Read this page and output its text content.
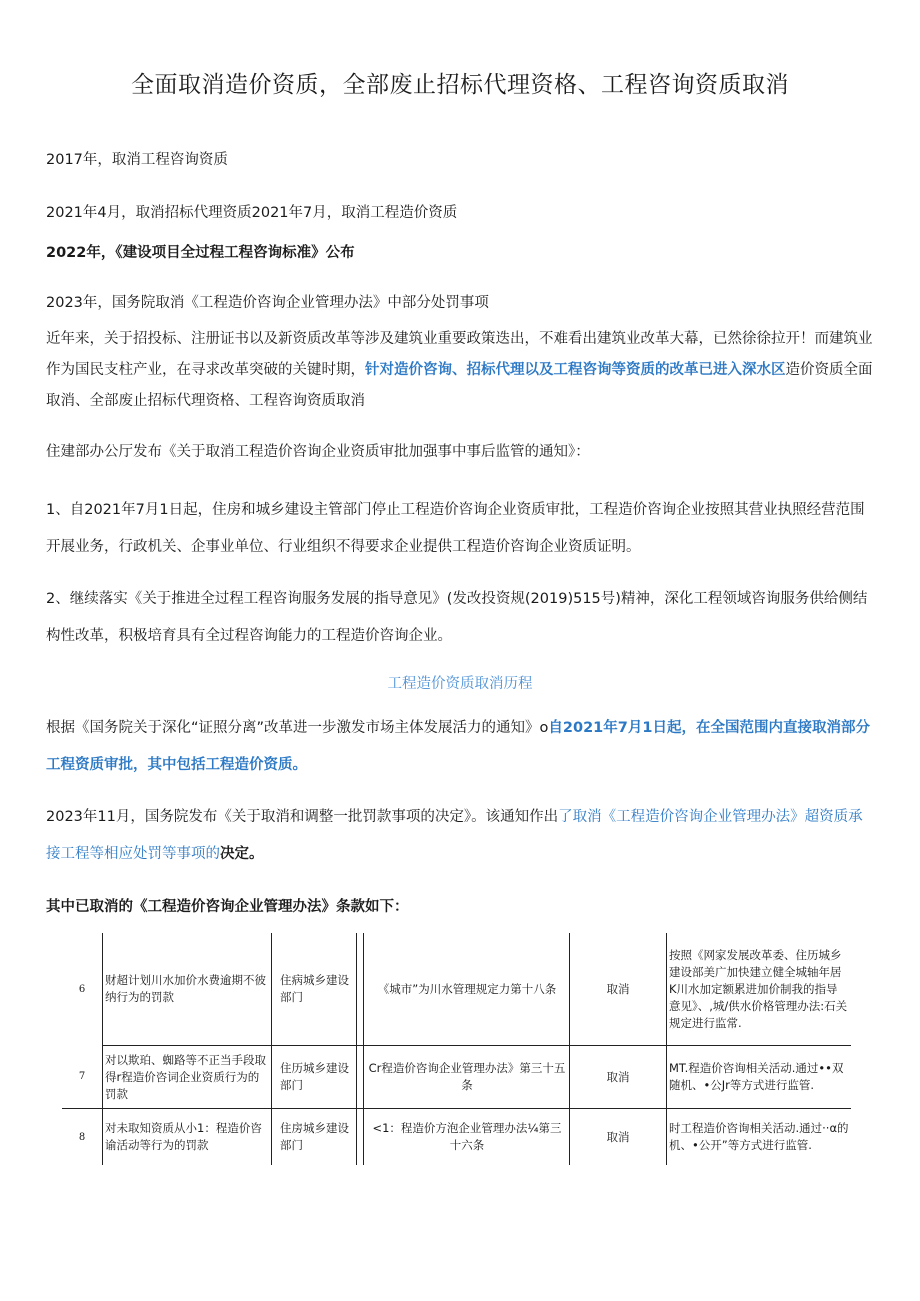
全面取消造价资质，全部废止招标代理资格、工程咨询资质取消
2017年，取消工程咨询资质
2021年4月，取消招标代理资质2021年7月，取消工程造价资质
2022年，《建设项目全过程工程咨询标准》公布
2023年，国务院取消《工程造价咨询企业管理办法》中部分处罚事项
近年来，关于招投标、注册证书以及新资质改革等涉及建筑业重要政策迭出，不难看出建筑业改革大幕，已然徐徐拉开！而建筑业作为国民支柱产业，在寻求改革突破的关键时期，针对造价咨询、招标代理以及工程咨询等资质的改革已进入深水区造价资质全面取消、全部废止招标代理资格、工程咨询资质取消
住建部办公厅发布《关于取消工程造价咨询企业资质审批加强事中事后监管的通知》：
1、自2021年7月1日起，住房和城乡建设主管部门停止工程造价咨询企业资质审批，工程造价咨询企业按照其营业执照经营范围开展业务，行政机关、企事业单位、行业组织不得要求企业提供工程造价咨询企业资质证明。
2、继续落实《关于推进全过程工程咨询服务发展的指导意见》(发改投资规(2019)515号)精神，深化工程领域咨询服务供给侧结构性改革，积极培育具有全过程咨询能力的工程造价咨询企业。
工程造价资质取消历程
根据《国务院关于深化“证照分离”改革进一步激发市场主体发展活力的通知》o自2021年7月1日起，在全国范围内直接取消部分工程资质审批，其中包括工程造价资质。
2023年11月，国务院发布《关于取消和调整一批罚款事项的决定》。该通知作出了取消《工程造价咨询企业管理办法》超资质承接工程等相应处罚等事项的决定。
其中已取消的《工程造价咨询企业管理办法》条款如下：
6	财超计划川水加价水费逾期不彼纳行为的罚款	住病城乡建设部门	《城市”为川水管理规定力第十八条	取消	按照《网家发展改革委、住历城乡建设部美广加快建立健全城轴年居K川水加定额累进加价制我的指导意见》、,城/供水价格管理办法:石关规定进行监常.
7	对以欺珀、蜘路等不正当手段取得r程造价咨词企业资质行为的罚款	住历城乡建设部门	Cr程造价咨询企业管理办法》第三十五条	取消	MT.程造价咨询相关活动.通过••双随机、•公Jr等方式进行监管.
8	对未取知资质从小1：程造价咨谕活动等行为的罚款	住房城乡建设部门	<1：程造价方泡企业管理办法¼第三十六条	取消	时工程造价咨询相关活动.通过··α的机、•公开”等方式进行监管.
